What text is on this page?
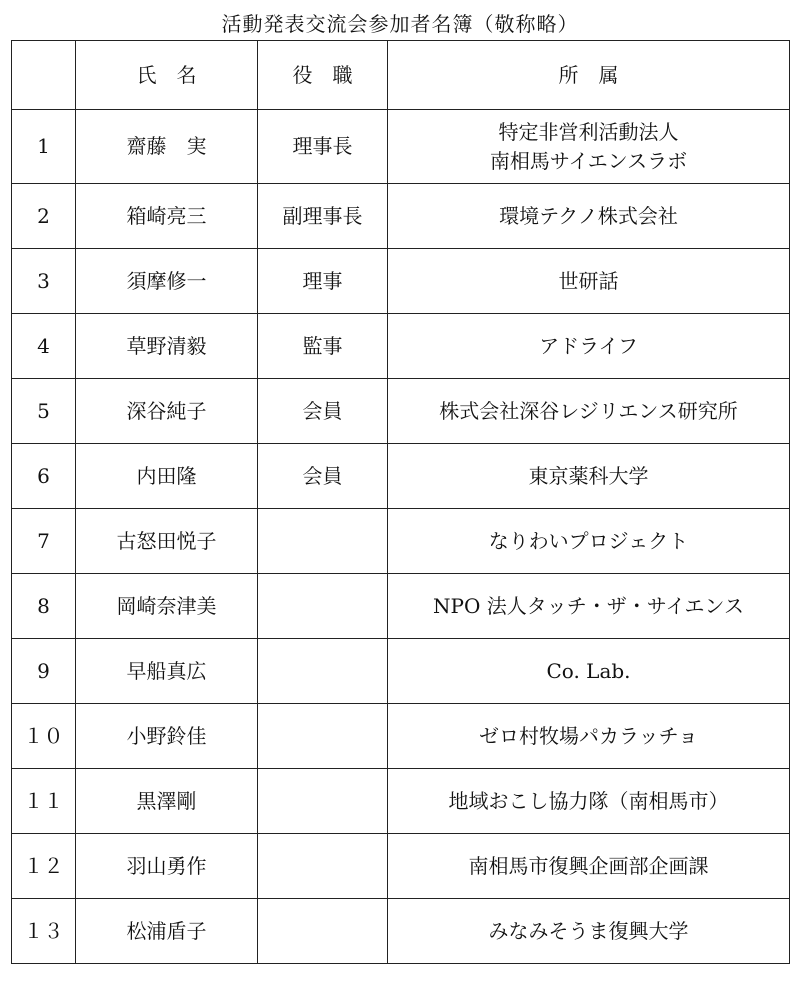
活動発表交流会参加者名簿（敬称略）
	氏　名	役　職	所　属
1	齋藤　実	理事長	特定非営利活動法人
南相馬サイエンスラボ

2	箱崎亮三	副理事長	環境テクノ株式会社

3	須摩修一	理事	世研話

4	草野清毅	監事	アドライフ

5	深谷純子	会員	株式会社深谷レジリエンス研究所

6	内田隆	会員	東京薬科大学

7	古怒田悦子		なりわいプロジェクト

8	岡崎奈津美		NPO 法人タッチ・ザ・サイエンス

9	早船真広		Co. Lab.

１０	小野鈴佳		ゼロ村牧場パカラッチョ

１１	黒澤剛		地域おこし協力隊（南相馬市）

１２	羽山勇作		南相馬市復興企画部企画課

１３	松浦盾子		みなみそうま復興大学
